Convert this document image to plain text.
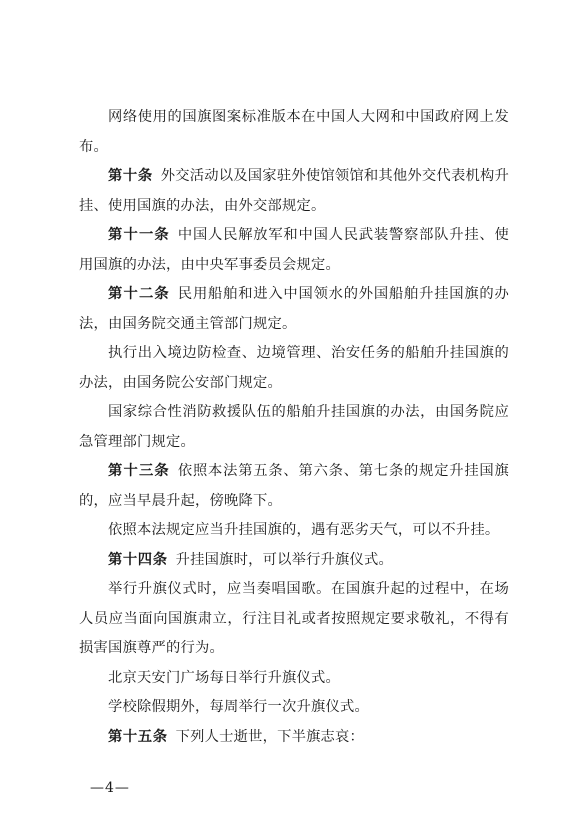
网络使用的国旗图案标准版本在中国人大网和中国政府网上发布。

第十条 外交活动以及国家驻外使馆领馆和其他外交代表机构升挂、使用国旗的办法，由外交部规定。

第十一条 中国人民解放军和中国人民武装警察部队升挂、使用国旗的办法，由中央军事委员会规定。

第十二条 民用船舶和进入中国领水的外国船舶升挂国旗的办法，由国务院交通主管部门规定。

执行出入境边防检查、边境管理、治安任务的船舶升挂国旗的办法，由国务院公安部门规定。

国家综合性消防救援队伍的船舶升挂国旗的办法，由国务院应急管理部门规定。

第十三条 依照本法第五条、第六条、第七条的规定升挂国旗的，应当早晨升起，傍晚降下。

依照本法规定应当升挂国旗的，遇有恶劣天气，可以不升挂。

第十四条 升挂国旗时，可以举行升旗仪式。

举行升旗仪式时，应当奏唱国歌。在国旗升起的过程中，在场人员应当面向国旗肃立，行注目礼或者按照规定要求敬礼，不得有损害国旗尊严的行为。

北京天安门广场每日举行升旗仪式。

学校除假期外，每周举行一次升旗仪式。

第十五条 下列人士逝世，下半旗志哀：

—4—
